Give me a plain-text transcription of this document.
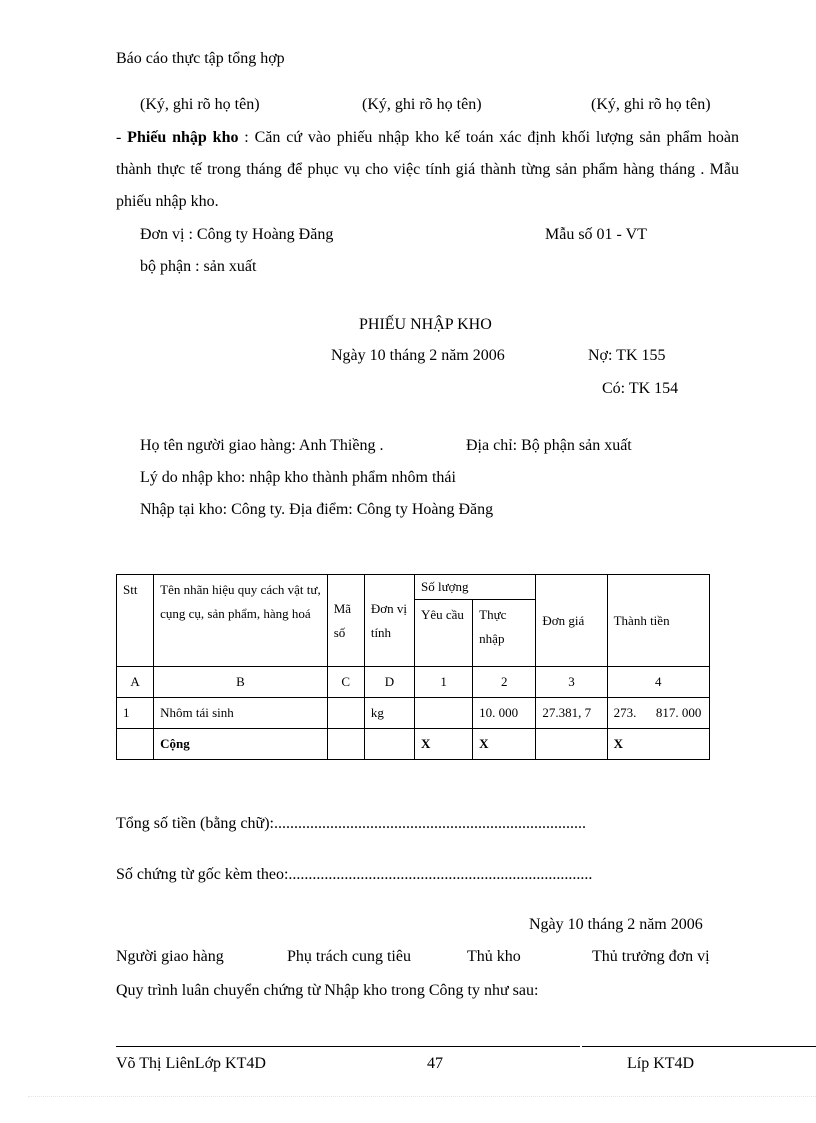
Báo cáo thực tập tổng hợp
(Ký, ghi rõ họ tên)	(Ký, ghi rõ họ tên)	(Ký, ghi rõ họ tên)
- Phiếu nhập kho : Căn cứ vào phiếu nhập kho kế toán xác định khối lượng sản phẩm hoàn thành thực tế trong tháng để phục vụ cho việc tính giá thành từng sản phẩm hàng tháng . Mẫu phiếu nhập kho.
Đơn vị : Công ty Hoàng Đăng	Mẫu số 01 - VT
bộ phận : sản xuất
PHIẾU NHẬP KHO
Ngày 10 tháng 2 năm 2006	Nợ: TK 155
Có: TK 154
Họ tên người giao hàng: Anh Thiềng .	Địa chỉ: Bộ phận sản xuất
Lý do nhập kho: nhập kho thành phẩm nhôm thái
Nhập tại kho: Công ty. Địa điểm: Công ty Hoàng Đăng
Stt	Tên nhãn hiệu quy cách vật tư, cụng cụ, sản phẩm, hàng hoá	Mã số	Đơn vị tính	Số lượng		Đơn giá	Thành tiền
				Yêu cầu	Thực nhập		
A	B	C	D	1	2	3	4
1	Nhôm tái sinh		kg		10. 000	27.381, 7	273.      817. 000
	Cộng			X	X		X
Tổng số tiền (bằng chữ):..............................................................................
Số chứng từ gốc kèm theo:............................................................................
Ngày 10 tháng 2 năm 2006
Người giao hàng	Phụ trách cung tiêu	Thủ kho	Thủ trưởng đơn vị
Quy trình luân chuyển chứng từ Nhập kho trong Công ty như sau:
Võ Thị LiênLớp KT4D	47	Líp KT4D
